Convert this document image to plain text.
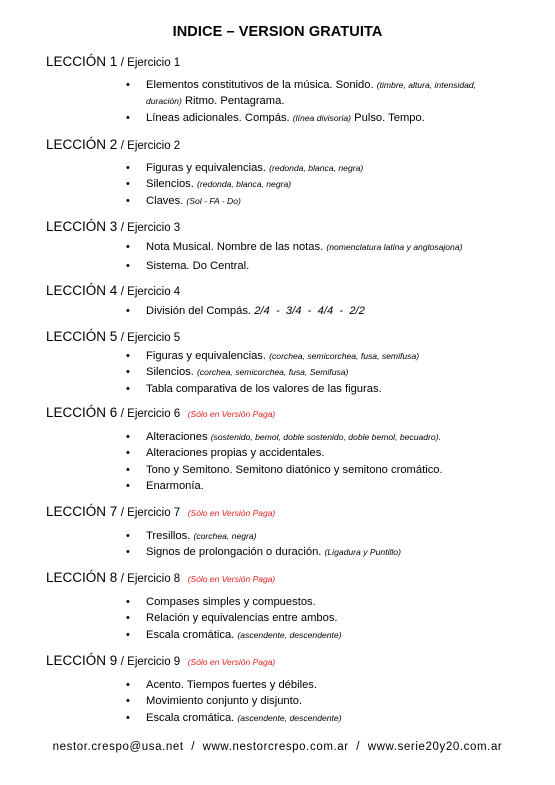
INDICE – VERSION GRATUITA
LECCIÓN 1 / Ejercicio 1
• Elementos constitutivos de la música. Sonido. (timbre, altura, intensidad,
duración) Ritmo. Pentagrama.
• Líneas adicionales. Compás. (línea divisoria) Pulso. Tempo.
LECCIÓN 2 / Ejercicio 2
• Figuras y equivalencias. (redonda, blanca, negra)
• Silencios. (redonda, blanca, negra)
• Claves. (Sol - FA - Do)
LECCIÓN 3 / Ejercicio 3
• Nota Musical. Nombre de las notas. (nomenclatura latina y anglosajona)
• Sistema. Do Central.
LECCIÓN 4 / Ejercicio 4
• División del Compás. 2/4  -  3/4  -  4/4  -  2/2
LECCIÓN 5 / Ejercicio 5
• Figuras y equivalencias. (corchea, semicorchea, fusa, semifusa)
• Silencios. (corchea, semicorchea, fusa, Semifusa)
• Tabla comparativa de los valores de las figuras.
LECCIÓN 6 / Ejercicio 6 (Sólo en Versión Paga)
• Alteraciones (sostenido, bemol, doble sostenido, doble bemol, becuadro).
• Alteraciones propias y accidentales.
• Tono y Semitono. Semitono diatónico y semitono cromático.
• Enarmonía.
LECCIÓN 7 / Ejercicio 7 (Sólo en Versión Paga)
• Tresillos. (corchea, negra)
• Signos de prolongación o duración. (Ligadura y Puntillo)
LECCIÓN 8 / Ejercicio 8 (Sólo en Versión Paga)
• Compases simples y compuestos.
• Relación y equivalencias entre ambos.
• Escala cromática. (ascendente, descendente)
LECCIÓN 9 / Ejercicio 9 (Sólo en Versión Paga)
• Acento. Tiempos fuertes y débiles.
• Movimiento conjunto y disjunto.
• Escala cromática. (ascendente, descendente)
nestor.crespo@usa.net  /  www.nestorcrespo.com.ar  /  www.serie20y20.com.ar
